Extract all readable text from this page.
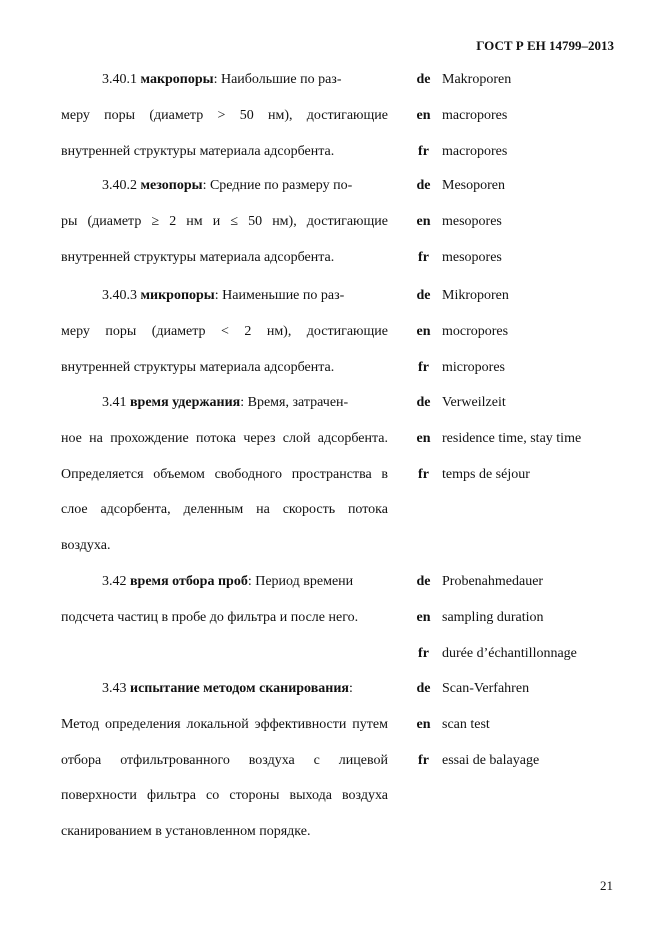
ГОСТ Р ЕН 14799–2013
3.40.1 макропоры: Наибольшие по раз-
меру поры (диаметр > 50 нм), достигающие внутренней структуры материала адсорбента.
de Makroporen
en macropores
fr macropores
3.40.2 мезопоры: Средние по размеру по-
ры (диаметр ≥ 2 нм и ≤ 50 нм), достигающие внутренней структуры материала адсорбента.
de Mesoporen
en mesopores
fr mesopores
3.40.3 микропоры: Наименьшие по раз-
меру поры (диаметр < 2 нм), достигающие внутренней структуры материала адсорбента.
de Mikroporen
en mocropores
fr micropores
3.41 время удержания: Время, затрачен-
ное на прохождение потока через слой адсорбента. Определяется объемом свободного пространства в слое адсорбента, деленным на скорость потока воздуха.
de Verweilzeit
en residence time, stay time
fr temps de séjour
3.42 время отбора проб: Период времени
подсчета частиц в пробе до фильтра и после него.
de Probenahmedauer
en sampling duration
fr durée d’échantillonnage
3.43 испытание методом сканирования:
Метод определения локальной эффективности путем отбора отфильтрованного воздуха с лицевой поверхности фильтра со стороны выхода воздуха сканированием в установленном порядке.
de Scan-Verfahren
en scan test
fr essai de balayage
21
